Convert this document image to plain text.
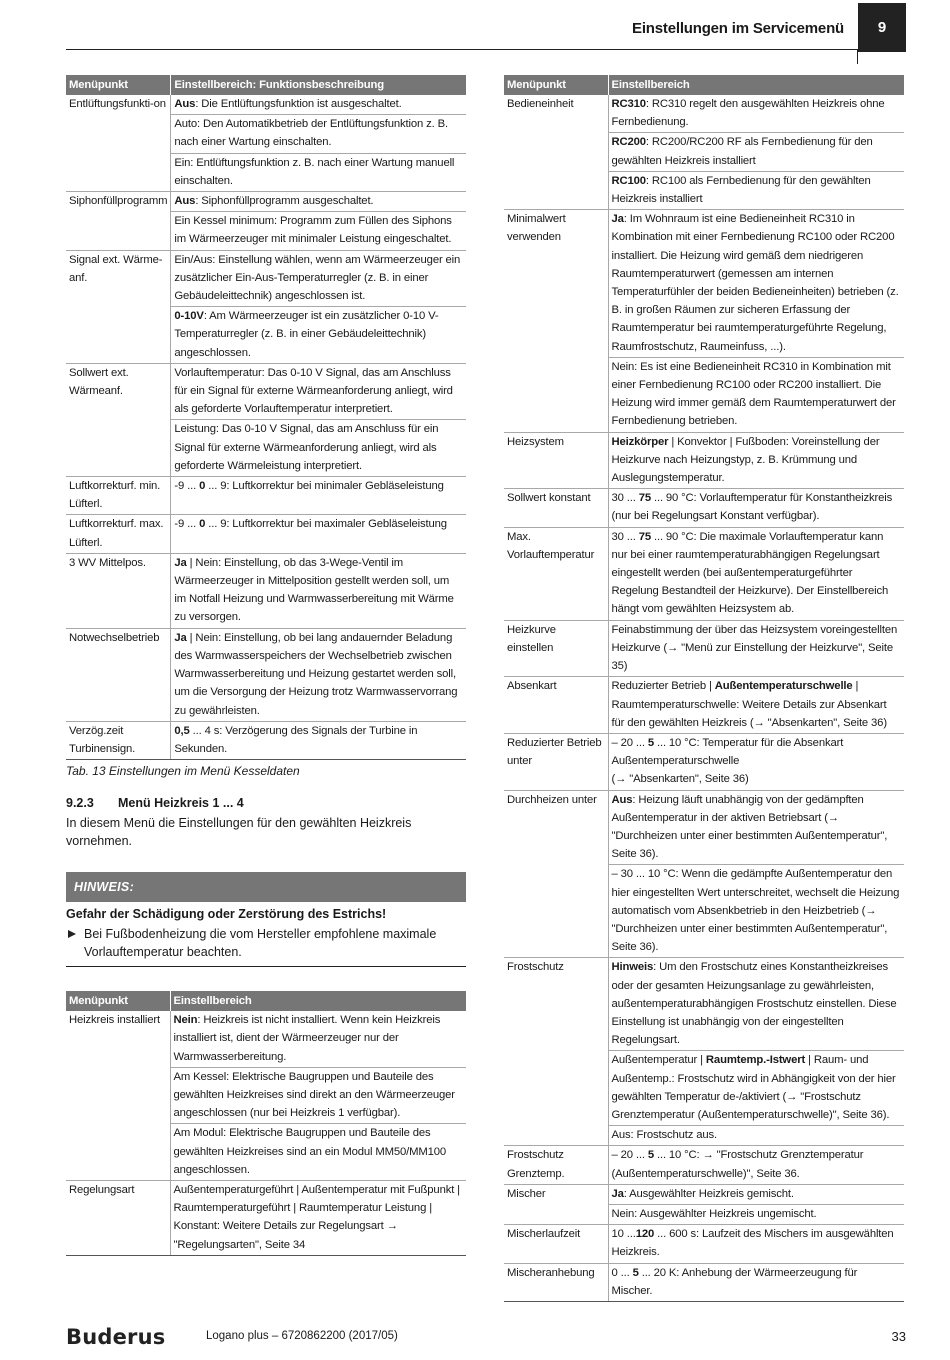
Einstellungen im Servicemenü	9
Menüpunkt	Einstellbereich: Funktionsbeschreibung
Entlüftungsfunkti-on	Aus: Die Entlüftungsfunktion ist ausgeschaltet.
	Auto: Den Automatikbetrieb der Entlüftungsfunktion z. B. nach einer Wartung einschalten.
	Ein: Entlüftungsfunktion z. B. nach einer Wartung manuell einschalten.
Siphonfüllprogramm	Aus: Siphonfüllprogramm ausgeschaltet.
	Ein Kessel minimum: Programm zum Füllen des Siphons im Wärmeerzeuger mit minimaler Leistung eingeschaltet.
Signal ext. Wärme-anf.	Ein/Aus: Einstellung wählen, wenn am Wärmeerzeuger ein zusätzlicher Ein-Aus-Temperaturregler (z. B. in einer Gebäudeleittechnik) angeschlossen ist.
	0-10V: Am Wärmeerzeuger ist ein zusätzlicher 0-10 V-Temperaturregler (z. B. in einer Gebäudeleittechnik) angeschlossen.
Sollwert ext. Wärmeanf.	Vorlauftemperatur: Das 0-10 V Signal, das am Anschluss für ein Signal für externe Wärmeanforderung anliegt, wird als geforderte Vorlauftemperatur interpretiert.
	Leistung: Das 0-10 V Signal, das am Anschluss für ein Signal für externe Wärmeanforderung anliegt, wird als geforderte Wärmeleistung interpretiert.
Luftkorrekturf. min. Lüfterl.	-9 ... 0 ... 9: Luftkorrektur bei minimaler Gebläseleistung
Luftkorrekturf. max. Lüfterl.	-9 ... 0 ... 9: Luftkorrektur bei maximaler Gebläseleistung
3 WV Mittelpos.	Ja | Nein: Einstellung, ob das 3-Wege-Ventil im Wärmeerzeuger in Mittelposition gestellt werden soll, um im Notfall Heizung und Warmwasserbereitung mit Wärme zu versorgen.
Notwechselbetrieb	Ja | Nein: Einstellung, ob bei lang andauernder Beladung des Warmwasserspeichers der Wechselbetrieb zwischen Warmwasserbereitung und Heizung gestartet werden soll, um die Versorgung der Heizung trotz Warmwasservorrang zu gewährleisten.
Verzög.zeit Turbinensign.	0,5 ... 4 s: Verzögerung des Signals der Turbine in Sekunden.
Tab. 13 Einstellungen im Menü Kesseldaten
9.2.3 Menü Heizkreis 1 ... 4
In diesem Menü die Einstellungen für den gewählten Heizkreis vornehmen.
HINWEIS:
Gefahr der Schädigung oder Zerstörung des Estrichs!
Bei Fußbodenheizung die vom Hersteller empfohlene maximale Vorlauftemperatur beachten.
Menüpunkt	Einstellbereich
Heizkreis installiert	Nein: Heizkreis ist nicht installiert. Wenn kein Heizkreis installiert ist, dient der Wärmeerzeuger nur der Warmwasserbereitung.
	Am Kessel: Elektrische Baugruppen und Bauteile des gewählten Heizkreises sind direkt an den Wärmeerzeuger angeschlossen (nur bei Heizkreis 1 verfügbar).
	Am Modul: Elektrische Baugruppen und Bauteile des gewählten Heizkreises sind an ein Modul MM50/MM100 angeschlossen.
Regelungsart	Außentemperaturgeführt | Außentemperatur mit Fußpunkt | Raumtemperaturgeführt | Raumtemperatur Leistung | Konstant: Weitere Details zur Regelungsart → "Regelungsarten", Seite 34
Menüpunkt	Einstellbereich
Bedieneinheit	RC310: RC310 regelt den ausgewählten Heizkreis ohne Fernbedienung.
	RC200: RC200/RC200 RF als Fernbedienung für den gewählten Heizkreis installiert
	RC100: RC100 als Fernbedienung für den gewählten Heizkreis installiert
Minimalwert verwenden	Ja: Im Wohnraum ist eine Bedieneinheit RC310 in Kombination mit einer Fernbedienung RC100 oder RC200 installiert. Die Heizung wird gemäß dem niedrigeren Raumtemperaturwert (gemessen am internen Temperaturfühler der beiden Bedieneinheiten) betrieben (z. B. in großen Räumen zur sicheren Erfassung der Raumtemperatur bei raumtemperaturgeführte Regelung, Raumfrostschutz, Raumeinfuss, ...).
	Nein: Es ist eine Bedieneinheit RC310 in Kombination mit einer Fernbedienung RC100 oder RC200 installiert. Die Heizung wird immer gemäß dem Raumtemperaturwert der Fernbedienung betrieben.
Heizsystem	Heizkörper | Konvektor | Fußboden: Voreinstellung der Heizkurve nach Heizungstyp, z. B. Krümmung und Auslegungstemperatur.
Sollwert konstant	30 ... 75 ... 90 °C: Vorlauftemperatur für Konstantheizkreis (nur bei Regelungsart Konstant verfügbar).
Max. Vorlauftemperatur	30 ... 75 ... 90 °C: Die maximale Vorlauftemperatur kann nur bei einer raumtemperaturabhängigen Regelungsart eingestellt werden (bei außentemperaturgeführter Regelung Bestandteil der Heizkurve). Der Einstellbereich hängt vom gewählten Heizsystem ab.
Heizkurve einstellen	Feinabstimmung der über das Heizsystem voreingestellten Heizkurve (→ "Menü zur Einstellung der Heizkurve", Seite 35)
Absenkart	Reduzierter Betrieb | Außentemperaturschwelle | Raumtemperaturschwelle: Weitere Details zur Absenkart für den gewählten Heizkreis (→ "Absenkarten", Seite 36)
Reduzierter Betrieb unter	– 20 ... 5 ... 10 °C: Temperatur für die Absenkart Außentemperaturschwelle
(→ "Absenkarten", Seite 36)
Durchheizen unter	Aus: Heizung läuft unabhängig von der gedämpften Außentemperatur in der aktiven Betriebsart (→ "Durchheizen unter einer bestimmten Außentemperatur", Seite 36).
	– 30 ... 10 °C: Wenn die gedämpfte Außentemperatur den hier eingestellten Wert unterschreitet, wechselt die Heizung automatisch vom Absenkbetrieb in den Heizbetrieb (→ "Durchheizen unter einer bestimmten Außentemperatur", Seite 36).
Frostschutz	Hinweis: Um den Frostschutz eines Konstantheizkreises oder der gesamten Heizungsanlage zu gewährleisten, außentemperaturabhängigen Frostschutz einstellen. Diese Einstellung ist unabhängig von der eingestellten Regelungsart.
	Außentemperatur | Raumtemp.-Istwert | Raum- und Außentemp.: Frostschutz wird in Abhängigkeit von der hier gewählten Temperatur de-/aktiviert (→ "Frostschutz Grenztemperatur (Außentemperaturschwelle)", Seite 36).
	Aus: Frostschutz aus.
Frostschutz Grenztemp.	– 20 ... 5 ... 10 °C: → "Frostschutz Grenztemperatur (Außentemperaturschwelle)", Seite 36.
Mischer	Ja: Ausgewählter Heizkreis gemischt.
	Nein: Ausgewählter Heizkreis ungemischt.
Mischerlaufzeit	10 ...120 ... 600 s: Laufzeit des Mischers im ausgewählten Heizkreis.
Mischeranhebung	0 ... 5 ... 20 K: Anhebung der Wärmeerzeugung für Mischer.
Buderus	Logano plus – 6720862200 (2017/05)	33
